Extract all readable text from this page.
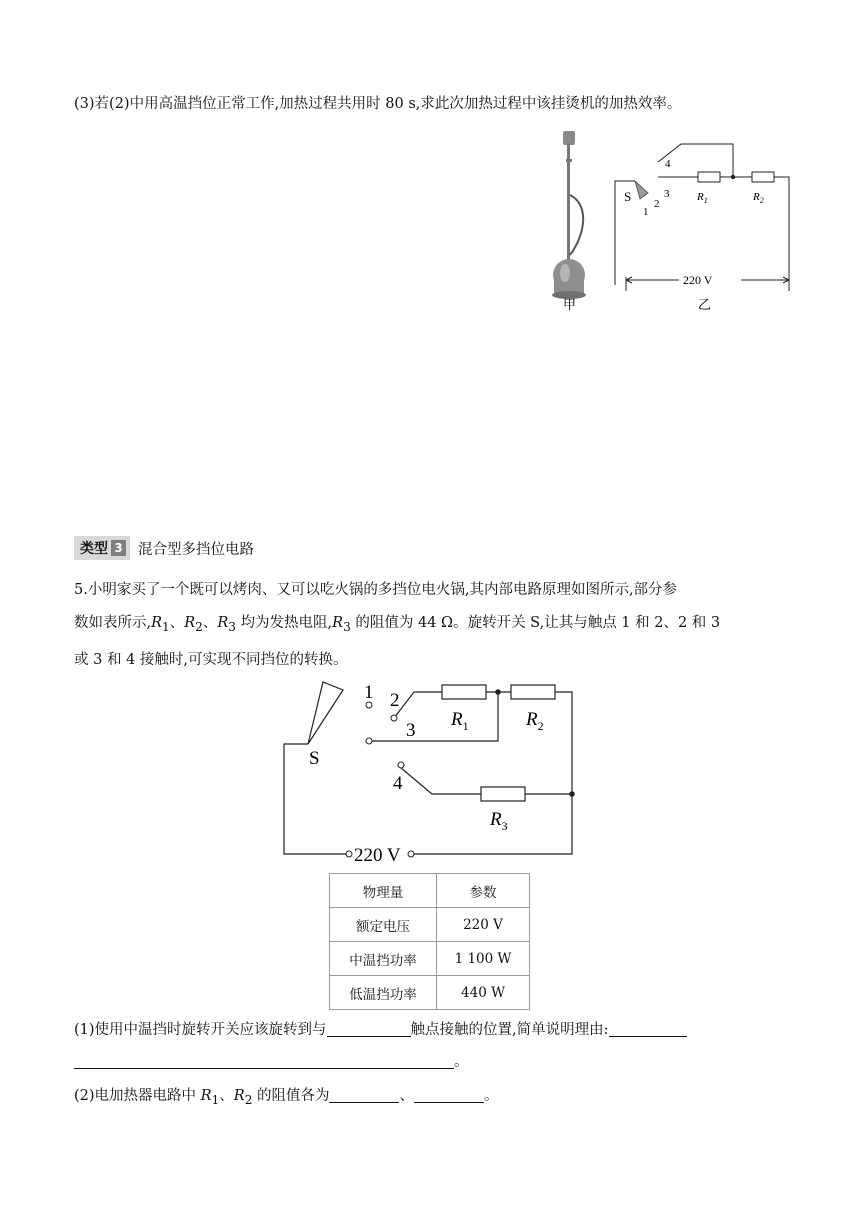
(3)若(2)中用高温挡位正常工作,加热过程共用时 80 s,求此次加热过程中该挂烫机的加热效率。
甲
S
1
2
3
4
$R_1$	$R_2$
220 V
乙
类型 3 混合型多挡位电路
5.小明家买了一个既可以烤肉、又可以吃火锅的多挡位电火锅,其内部电路原理如图所示,部分参
数如表所示$,R_1$、$R_2$、$R_3$ 均为发热电阻$,R_3$ 的阻值为 44 Ω。旋转开关 S,让其与触点 1 和 2、2 和 3
或 3 和 4 接触时,可实现不同挡位的转换。
S
1 2
3
4
$R_1$	$R_2$
$R_3$
220 V
物理量	参数
额定电压	220 V
中温挡功率	1 100 W
低温挡功率	440 W
(1)使用中温挡时旋转开关应该旋转到与	触点接触的位置,简单说明理由:
。
(2)电加热器电路中 $R_1$、$R_2$ 的阻值各为	、	。
